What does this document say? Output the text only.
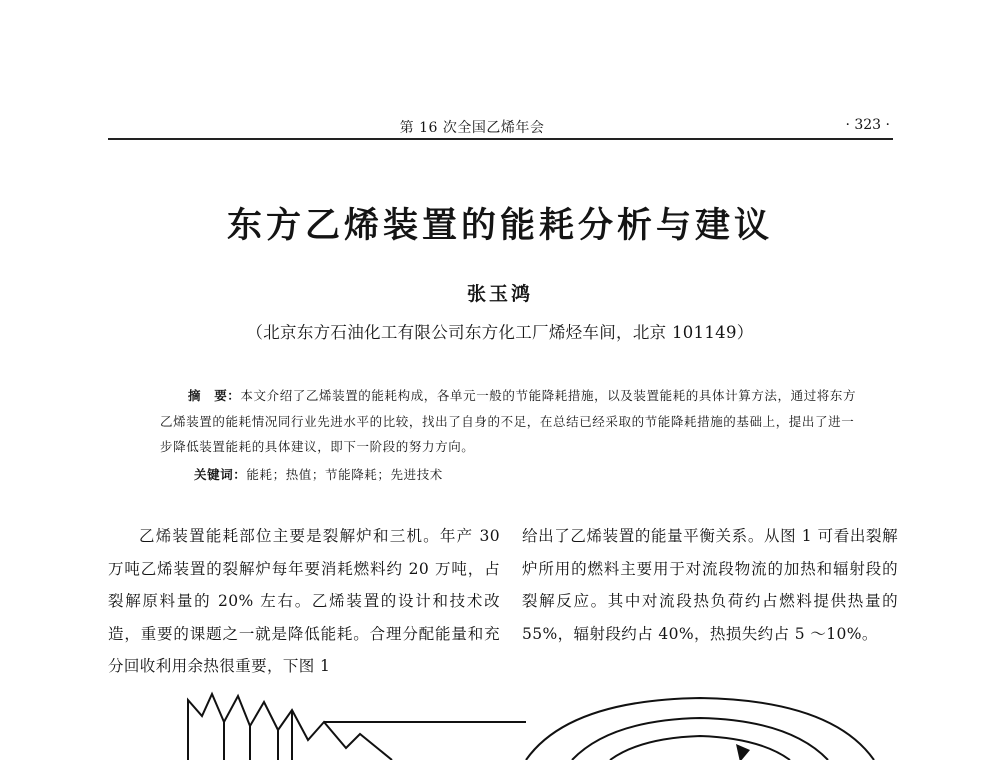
第 16 次全国乙烯年会	· 323 ·
东方乙烯装置的能耗分析与建议
张玉鸿
（北京东方石油化工有限公司东方化工厂烯烃车间，北京 101149）
摘　要：本文介绍了乙烯装置的能耗构成，各单元一般的节能降耗措施，以及装置能耗的具体计算方法，通过将东方乙烯装置的能耗情况同行业先进水平的比较，找出了自身的不足，在总结已经采取的节能降耗措施的基础上，提出了进一步降低装置能耗的具体建议，即下一阶段的努力方向。
关键词：能耗；热值；节能降耗；先进技术
乙烯装置能耗部位主要是裂解炉和三机。年产 30 万吨乙烯装置的裂解炉每年要消耗燃料约 20 万吨，占裂解原料量的 20% 左右。乙烯装置的设计和技术改造，重要的课题之一就是降低能耗。合理分配能量和充分回收利用余热很重要，下图 1
给出了乙烯装置的能量平衡关系。从图 1 可看出裂解炉所用的燃料主要用于对流段物流的加热和辐射段的裂解反应。其中对流段热负荷约占燃料提供热量的 55%，辐射段约占 40%，热损失约占 5 ～10%。
